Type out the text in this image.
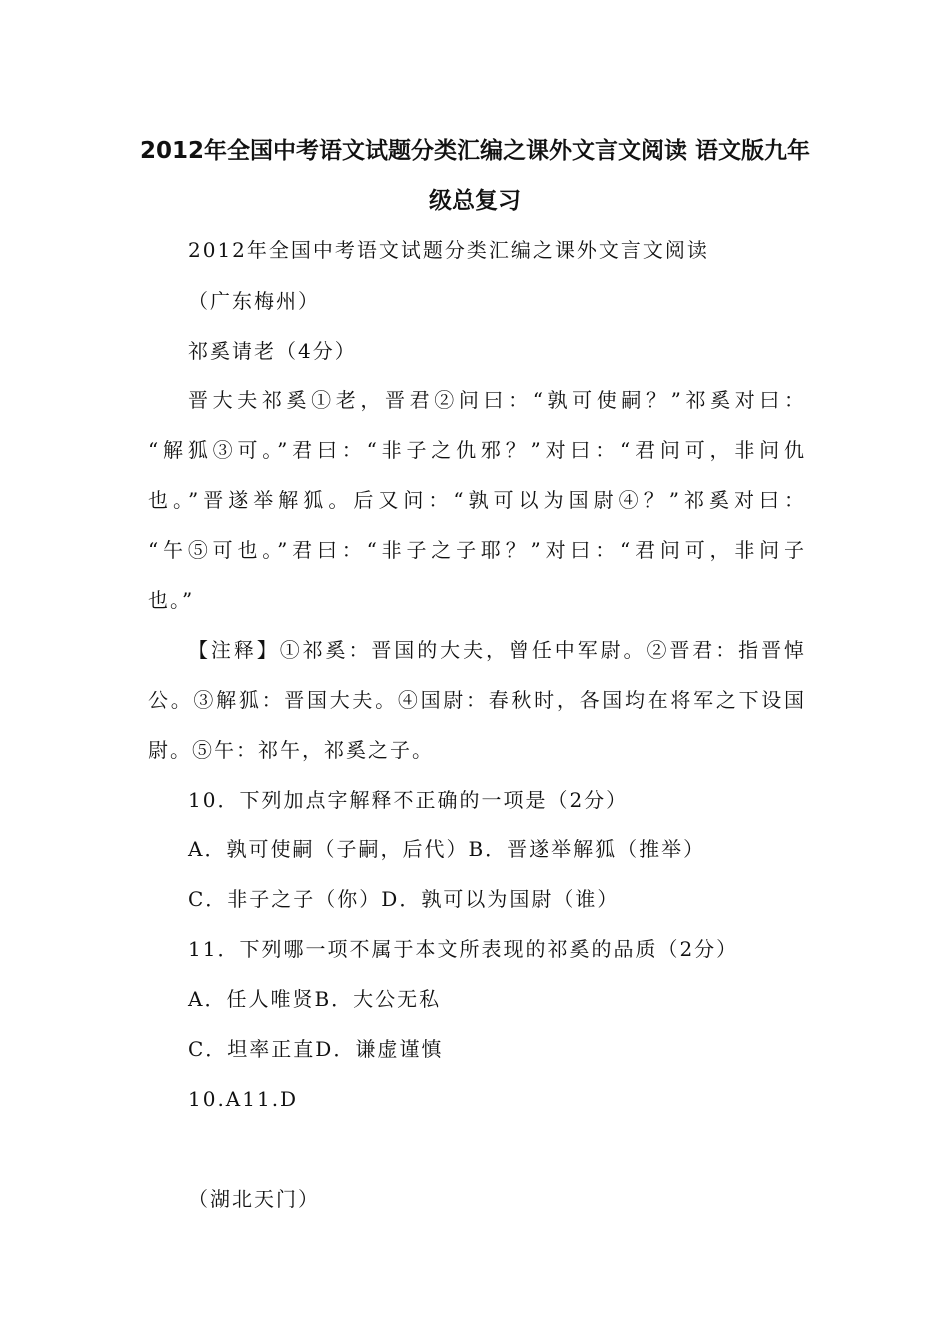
2012年全国中考语文试题分类汇编之课外文言文阅读 语文版九年
级总复习
2012年全国中考语文试题分类汇编之课外文言文阅读
（广东梅州）
祁奚请老（4分）
晋大夫祁奚①老，晋君②问曰：“孰可使嗣？”祁奚对曰：
“解狐③可。”君曰：“非子之仇邪？”对曰：“君问可，非问仇
也。”晋遂举解狐。后又问：“孰可以为国尉④？”祁奚对曰：
“午⑤可也。”君曰：“非子之子耶？”对曰：“君问可，非问子
也。”
【注释】①祁奚：晋国的大夫，曾任中军尉。②晋君：指晋悼
公。③解狐：晋国大夫。④国尉：春秋时，各国均在将军之下设国
尉。⑤午：祁午，祁奚之子。
10．下列加点字解释不正确的一项是（2分）
A．孰可使嗣（子嗣，后代）B．晋遂举解狐（推举）
C．非子之子（你）D．孰可以为国尉（谁）
11．下列哪一项不属于本文所表现的祁奚的品质（2分）
A．任人唯贤B．大公无私
C．坦率正直D．谦虚谨慎
10.A11.D
（湖北天门）
